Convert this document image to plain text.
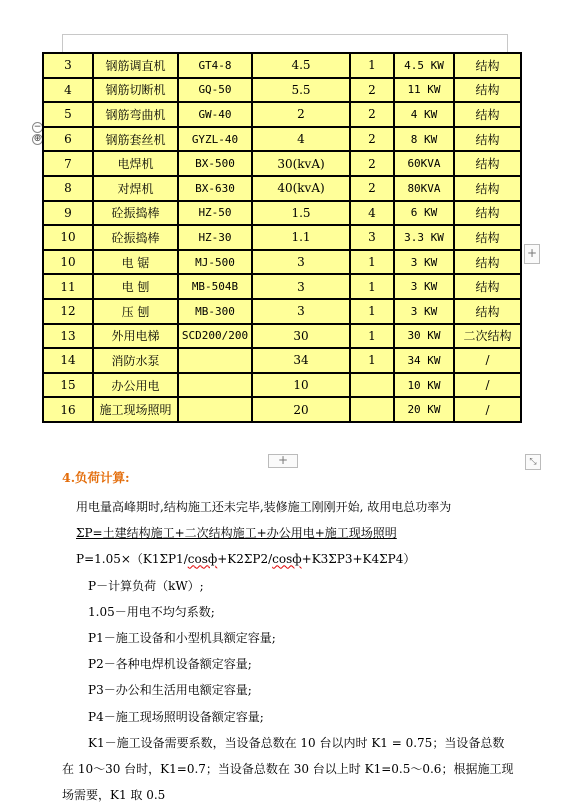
−
⊕
3	钢筋调直机	GT4-8	4.5	1	4.5 KW	结构
4	钢筋切断机	GQ-50	5.5	2	11 KW	结构
5	钢筋弯曲机	GW-40	2	2	4 KW	结构
6	钢筋套丝机	GYZL-40	4	2	8 KW	结构
7	电焊机	BX-500	30(kvA)	2	60KVA	结构
8	对焊机	BX-630	40(kvA)	2	80KVA	结构
9	砼振捣棒	HZ-50	1.5	4	6 KW	结构
10	砼振捣棒	HZ-30	1.1	3	3.3 KW	结构
10	电 锯	MJ-500	3	1	3 KW	结构
11	电 刨	MB-504B	3	1	3 KW	结构
12	压 刨	MB-300	3	1	3 KW	结构
13	外用电梯	SCD200/200	30	1	30 KW	二次结构
14	消防水泵		34	1	34 KW	/
15	办公用电		10		10 KW	/
16	施工现场照明		20		20 KW	/
+
+	⤡
4.负荷计算:

用电量高峰期时,结构施工还未完毕,装修施工刚刚开始, 故用电总功率为

ΣP=土建结构施工+二次结构施工+办公用电+施工现场照明

P=1.05×（K1ΣP1/cosф+K2ΣP2/cosф+K3ΣP3+K4ΣP4）

P－计算负荷（kW）;

1.05－用电不均匀系数;

P1－施工设备和小型机具额定容量;

P2－各种电焊机设备额定容量;

P3－办公和生活用电额定容量;

P4－施工现场照明设备额定容量;

K1－施工设备需要系数，当设备总数在 10 台以内时 K1 = 0.75；当设备总数

在 10～30 台时，K1=0.7；当设备总数在 30 台以上时 K1=0.5～0.6；根据施工现

场需要，K1 取 0.5
